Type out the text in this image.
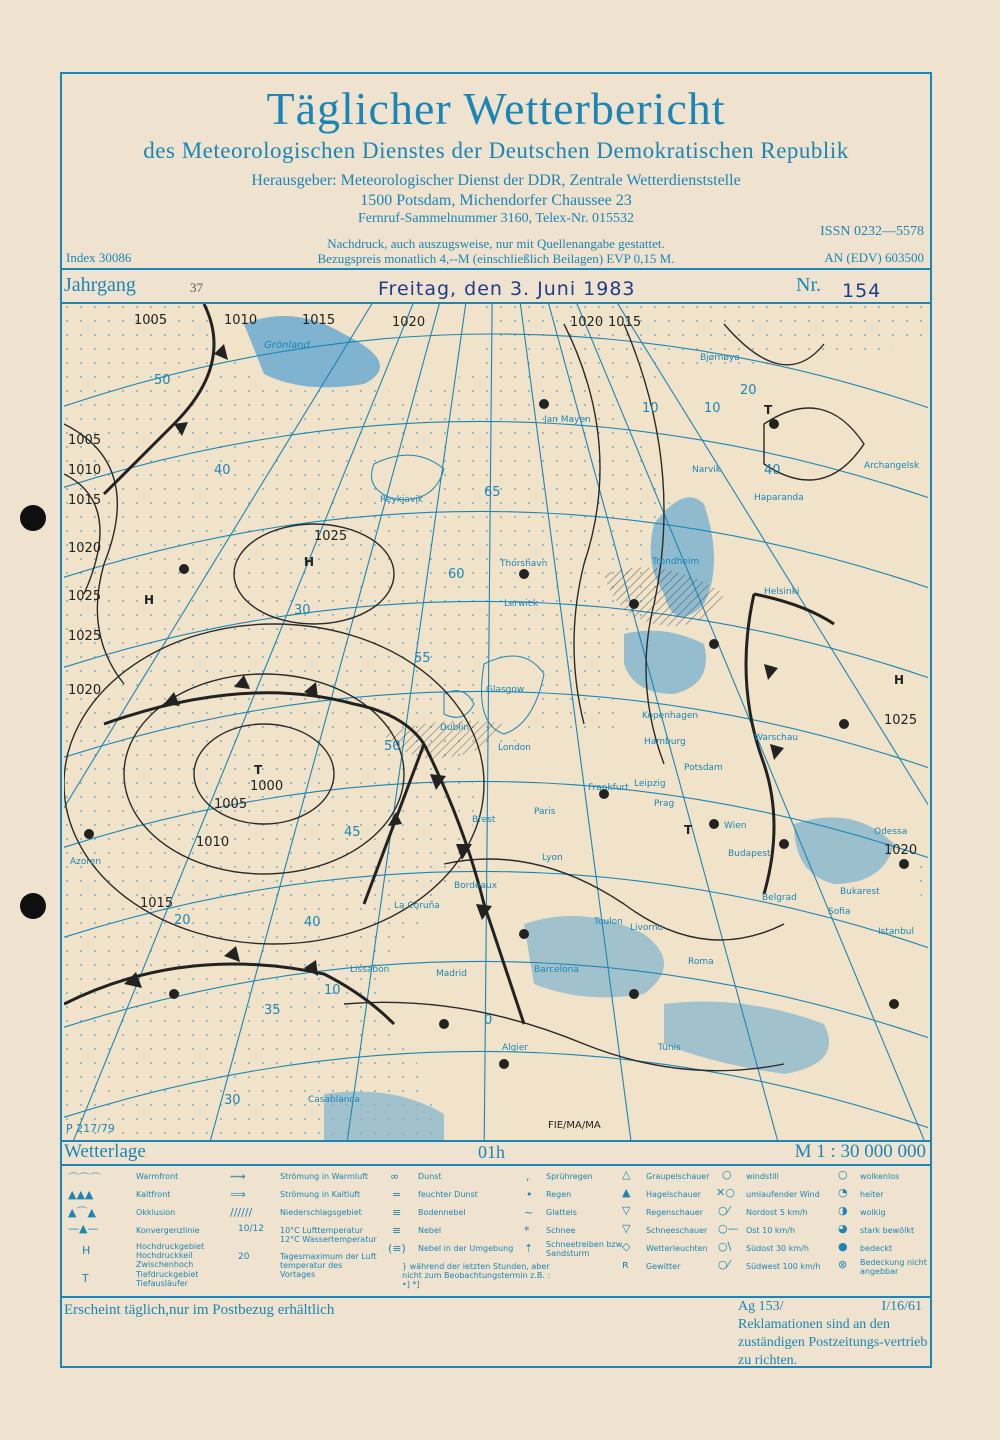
Täglicher Wetterbericht
des Meteorologischen Dienstes der Deutschen Demokratischen Republik
Herausgeber: Meteorologischer Dienst der DDR, Zentrale Wetterdienststelle
1500 Potsdam, Michendorfer Chaussee 23
Fernruf-Sammelnummer 3160, Telex-Nr. 015532
Index 30086
Nachdruck, auch auszugsweise, nur mit Quellenangabe gestattet.
Bezugspreis monatlich 4,--M (einschließlich Beilagen) EVP 0,15 M.
ISSN 0232—5578
AN (EDV) 603500
Jahrgang	37	Freitag, den 3. Juni 1983	Nr. 154
T
H
H
T
H
T
1005	1010	1015	1020
1005
1010
1015
1020
1025
1025
1020
1025
1005
1000
1010
1015
1020 1015
1025
1020
65
60
55
50
45
40
35
30
50
40
30
20
10
0
10	10
20
40
Grönland
Bjørnøya
Jan Mayen
Narvik
Haparanda
Archangelsk
Trondheim
Thorshavn
Lerwick
Helsinki
Reykjavik
Glasgow
Dublin
London
Kopenhagen
Hamburg
Potsdam
Leipzig
Frankfurt
Warschau
Prag
Wien
Budapest
Paris
Brest
Lyon
Bordeaux
La Coruña
Madrid
Lissabon	Barcelona
Toulon
Livorno
Roma
Belgrad
Bukarest
Sofia
Istanbul
Odessa
Azoren
Algier	Tunis
Casablanca
P 217/79	FIE/MA/MA
Wetterlage	01h	M 1 : 30 000 000
⌒⌒⌒	Warmfront
▲▲▲	Kaltfront
▲⌒▲	Okklusion
—▲—	Konvergenzlinie
H	Hochdruckgebiet Hochdruckkeil Zwischenhoch
T	Tiefdruckgebiet Tiefausläufer
⟿	Strömung in Warmluft
⟹	Strömung in Kaltluft
//////	Niederschlagsgebiet
10/12 10°C Lufttemperatur 12°C Wassertemperatur
20	Tagesmaximum der Luft temperatur des Vortages
∞ Dunst
= feuchter Dunst
≡ Bodennebel
≡ Nebel
(≡) Nebel in der Umgebung
} während der letzten Stunden, aber nicht zum Beobachtungstermin z.B. : •] *]
, Sprühregen
• Regen
~ Glatteis
* Schnee
⇡ Schneetreiben bzw. Sandsturm
△ Graupelschauer
▲ Hagelschauer
▽ Regenschauer
▽ Schneeschauer
◇ Wetterleuchten
ʀ Gewitter
○ windstill
✕○ umlaufender Wind
○⁄ Nordost 5 km/h
○— Ost 10 km/h
○\ Südost 30 km/h
○⁄ Südwest 100 km/h
○ wolkenlos
◔ heiter
◑ wolkig
◕ stark bewölkt
● bedeckt
⊗ Bedeckung nicht angebbar
Erscheint täglich,nur im Postbezug erhältlich	Ag 153/	I/16/61
Reklamationen sind an den zuständigen Postzeitungs-vertrieb zu richten.
